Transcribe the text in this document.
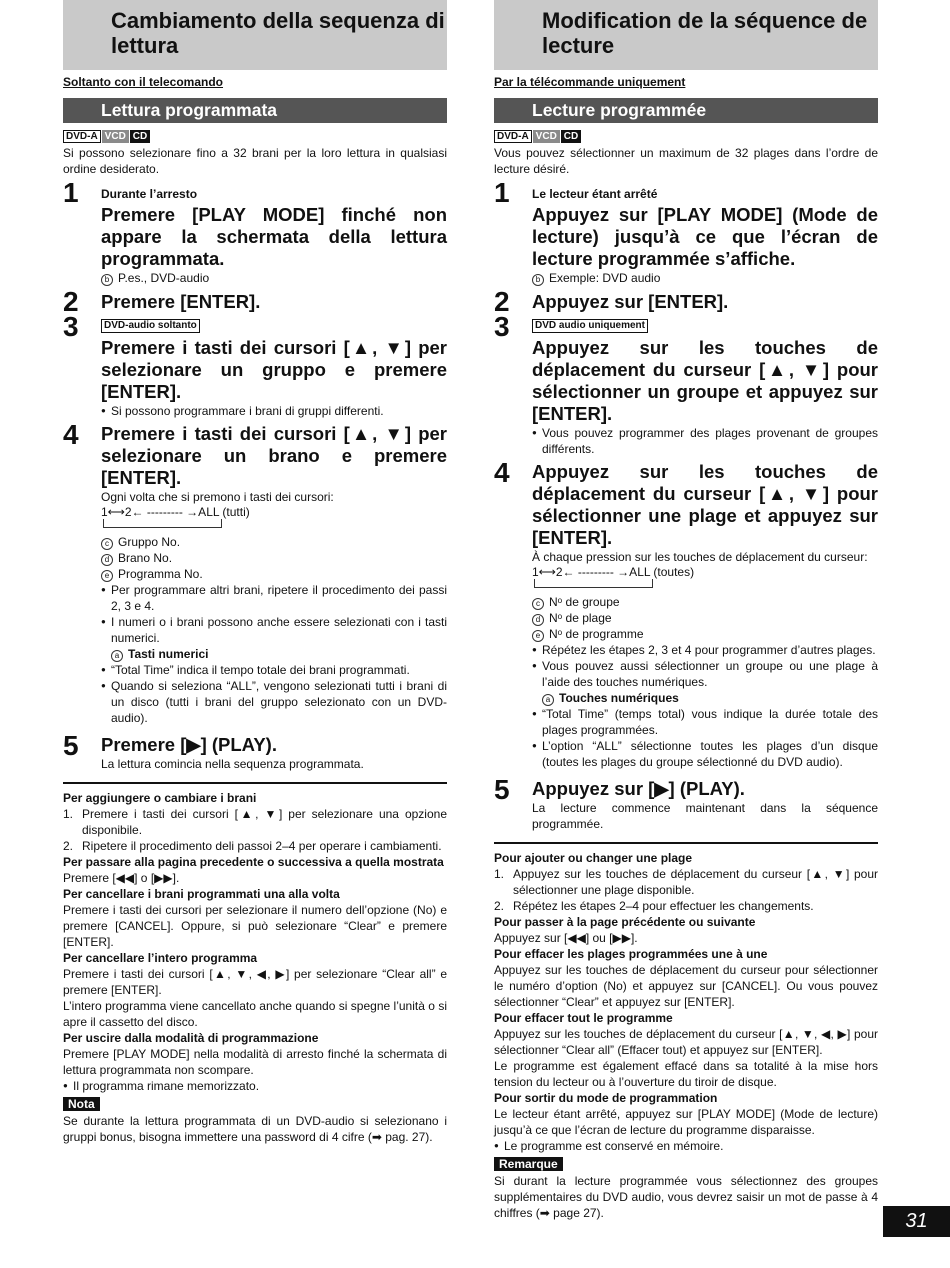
Cambiamento della sequenza di lettura
Soltanto con il telecomando
Lettura programmata
DVD-A VCD CD
Si possono selezionare fino a 32 brani per la loro lettura in qualsiasi ordine desiderato.
1 Durante l’arresto
Premere [PLAY MODE] finché non appare la schermata della lettura programmata.
b P.es., DVD-audio
2 Premere [ENTER].
3	DVD-audio soltanto
Premere i tasti dei cursori [▲, ▼] per selezionare un gruppo e premere [ENTER].
● Si possono programmare i brani di gruppi differenti.
4 Premere i tasti dei cursori [▲, ▼] per selezionare un brano e premere [ENTER].
Ogni volta che si premono i tasti dei cursori:
1⟷2← --------- →ALL (tutti)
c Gruppo No.
d Brano No.
e Programma No.
● Per programmare altri brani, ripetere il procedimento dei passi 2, 3 e 4.
● I numeri o i brani possono anche essere selezionati con i tasti numerici.
a Tasti numerici
● “Total Time” indica il tempo totale dei brani programmati.
● Quando si seleziona “ALL”, vengono selezionati tutti i brani di un disco (tutti i brani del gruppo selezionato con un DVD-audio).
5 Premere [▶] (PLAY).
La lettura comincia nella sequenza programmata.
Per aggiungere o cambiare i brani
1. Premere i tasti dei cursori [▲, ▼] per selezionare una opzione disponibile.
2. Ripetere il procedimento deli passoi 2–4 per operare i cambiamenti.
Per passare alla pagina precedente o successiva a quella mostrata
Premere [◀◀] o [▶▶].
Per cancellare i brani programmati una alla volta
Premere i tasti dei cursori per selezionare il numero dell’opzione (No) e premere [CANCEL]. Oppure, si può selezionare “Clear” e premere [ENTER].
Per cancellare l’intero programma
Premere i tasti dei cursori [▲, ▼, ◀, ▶] per selezionare “Clear all” e premere [ENTER].
L’intero programma viene cancellato anche quando si spegne l’unità o si apre il cassetto del disco.
Per uscire dalla modalità di programmazione
Premere [PLAY MODE] nella modalità di arresto finché la schermata di lettura programmata non scompare.
● Il programma rimane memorizzato.
Nota
Se durante la lettura programmata di un DVD-audio si selezionano i gruppi bonus, bisogna immettere una password di 4 cifre (➡ pag. 27).
Modification de la séquence de lecture
Par la télécommande uniquement
Lecture programmée
DVD-A VCD CD
Vous pouvez sélectionner un maximum de 32 plages dans l’ordre de lecture désiré.
1 Le lecteur étant arrêté
Appuyez sur [PLAY MODE] (Mode de lecture) jusqu’à ce que l’écran de lecture programmée s’affiche.
b Exemple: DVD audio
2 Appuyez sur [ENTER].
3	DVD audio uniquement
Appuyez sur les touches de déplacement du curseur [▲, ▼] pour sélectionner un groupe et appuyez sur [ENTER].
● Vous pouvez programmer des plages provenant de groupes différents.
4 Appuyez sur les touches de déplacement du curseur [▲, ▼] pour sélectionner une plage et appuyez sur [ENTER].
À chaque pression sur les touches de déplacement du curseur:
1⟷2← --------- →ALL (toutes)
c Nᵒ de groupe
d Nᵒ de plage
e Nᵒ de programme
● Répétez les étapes 2, 3 et 4 pour programmer d’autres plages.
● Vous pouvez aussi sélectionner un groupe ou une plage à l’aide des touches numériques.
a Touches numériques
● “Total Time” (temps total) vous indique la durée totale des plages programmées.
● L’option “ALL” sélectionne toutes les plages d’un disque (toutes les plages du groupe sélectionné du DVD audio).
5 Appuyez sur [▶] (PLAY).
La lecture commence maintenant dans la séquence programmée.
Pour ajouter ou changer une plage
1. Appuyez sur les touches de déplacement du curseur [▲, ▼] pour sélectionner une plage disponible.
2. Répétez les étapes 2–4 pour effectuer les changements.
Pour passer à la page précédente ou suivante
Appuyez sur [◀◀] ou [▶▶].
Pour effacer les plages programmées une à une
Appuyez sur les touches de déplacement du curseur pour sélectionner le numéro d’option (No) et appuyez sur [CANCEL]. Ou vous pouvez sélectionner “Clear” et appuyez sur [ENTER].
Pour effacer tout le programme
Appuyez sur les touches de déplacement du curseur [▲, ▼, ◀, ▶] pour sélectionner “Clear all” (Effacer tout) et appuyez sur [ENTER].
Le programme est également effacé dans sa totalité à la mise hors tension du lecteur ou à l’ouverture du tiroir de disque.
Pour sortir du mode de programmation
Le lecteur étant arrêté, appuyez sur [PLAY MODE] (Mode de lecture) jusqu’à ce que l’écran de lecture du programme disparaisse.
● Le programme est conservé en mémoire.
Remarque
Si durant la lecture programmée vous sélectionnez des groupes supplémentaires du DVD audio, vous devrez saisir un mot de passe à 4 chiffres (➡ page 27).	31
